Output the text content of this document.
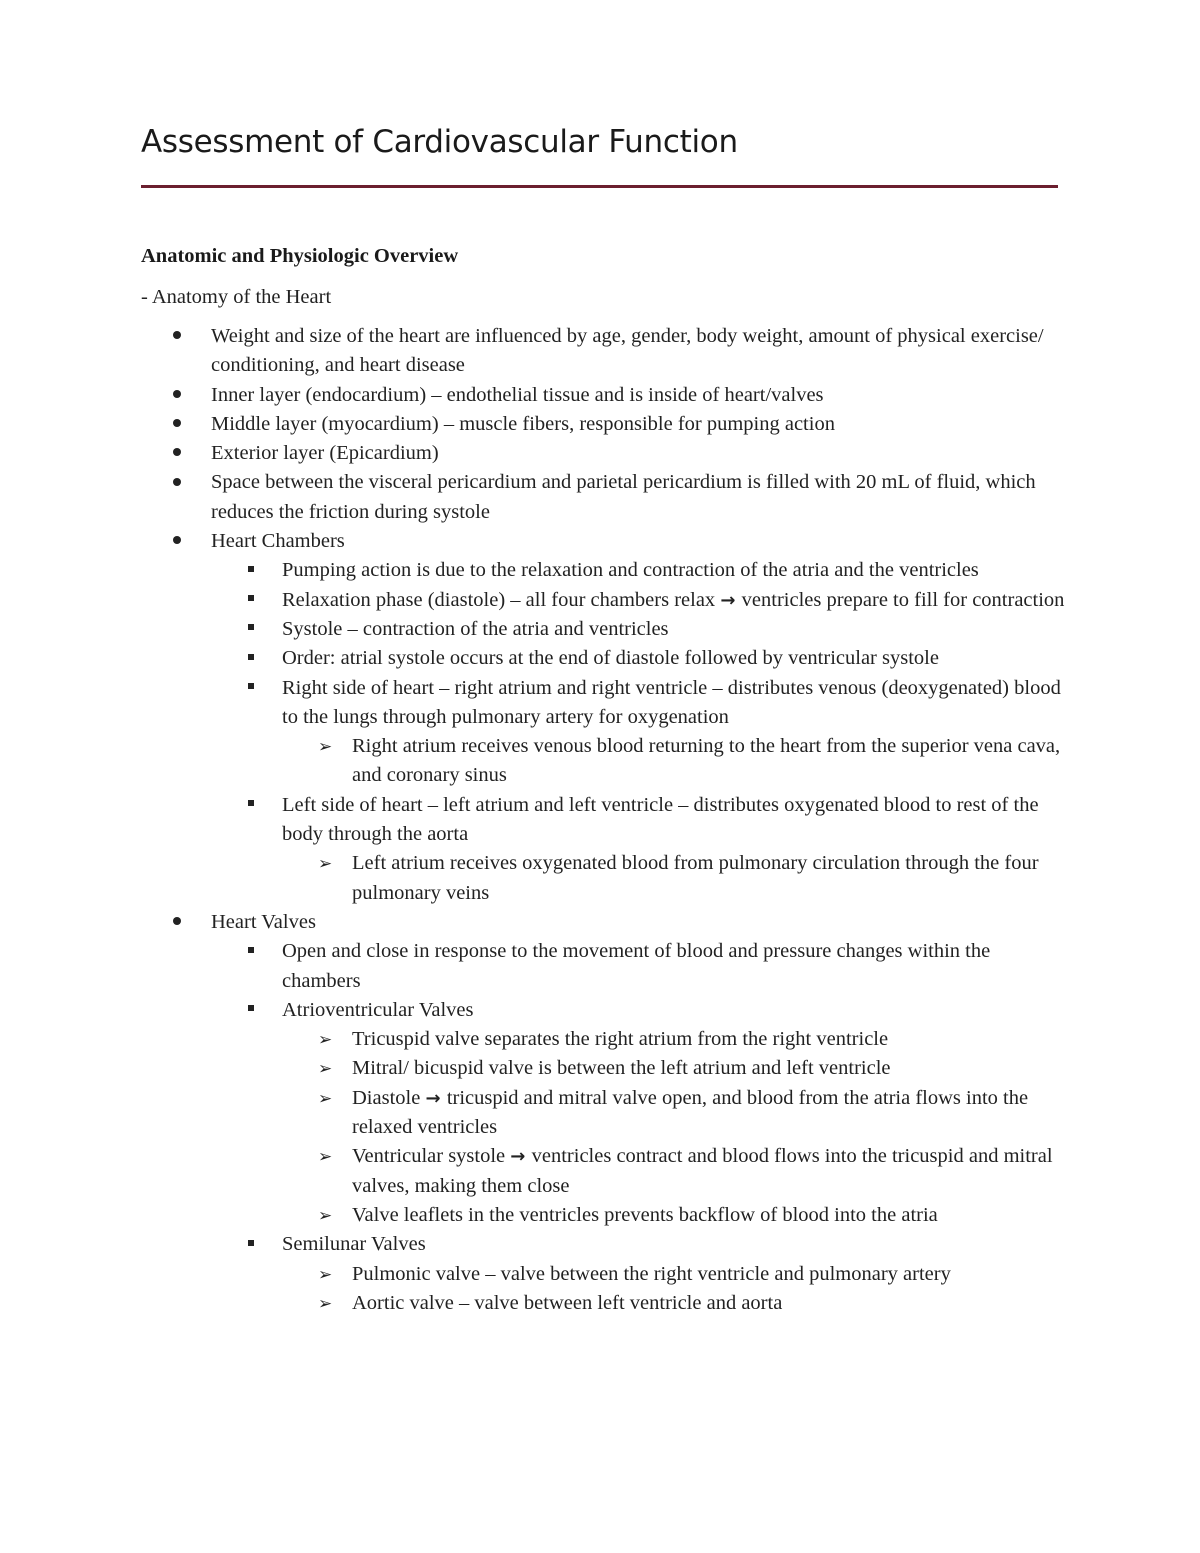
Assessment of Cardiovascular Function
Anatomic and Physiologic Overview

- Anatomy of the Heart

Weight and size of the heart are influenced by age, gender, body weight, amount of physical exercise/ conditioning, and heart disease
Inner layer (endocardium) – endothelial tissue and is inside of heart/valves
Middle layer (myocardium) – muscle fibers, responsible for pumping action
Exterior layer (Epicardium)
Space between the visceral pericardium and parietal pericardium is filled with 20 mL of fluid, which reduces the friction during systole
Heart Chambers
Pumping action is due to the relaxation and contraction of the atria and the ventricles
Relaxation phase (diastole) – all four chambers relax → ventricles prepare to fill for contraction
Systole – contraction of the atria and ventricles
Order: atrial systole occurs at the end of diastole followed by ventricular systole
Right side of heart – right atrium and right ventricle – distributes venous (deoxygenated) blood to the lungs through pulmonary artery for oxygenation
➢ Right atrium receives venous blood returning to the heart from the superior vena cava, and coronary sinus
Left side of heart – left atrium and left ventricle – distributes oxygenated blood to rest of the body through the aorta
➢ Left atrium receives oxygenated blood from pulmonary circulation through the four pulmonary veins
Heart Valves
Open and close in response to the movement of blood and pressure changes within the chambers
Atrioventricular Valves
➢ Tricuspid valve separates the right atrium from the right ventricle
➢ Mitral/ bicuspid valve is between the left atrium and left ventricle
➢ Diastole → tricuspid and mitral valve open, and blood from the atria flows into the relaxed ventricles
➢ Ventricular systole → ventricles contract and blood flows into the tricuspid and mitral valves, making them close
➢ Valve leaflets in the ventricles prevents backflow of blood into the atria
Semilunar Valves
➢ Pulmonic valve – valve between the right ventricle and pulmonary artery
➢ Aortic valve – valve between left ventricle and aorta
